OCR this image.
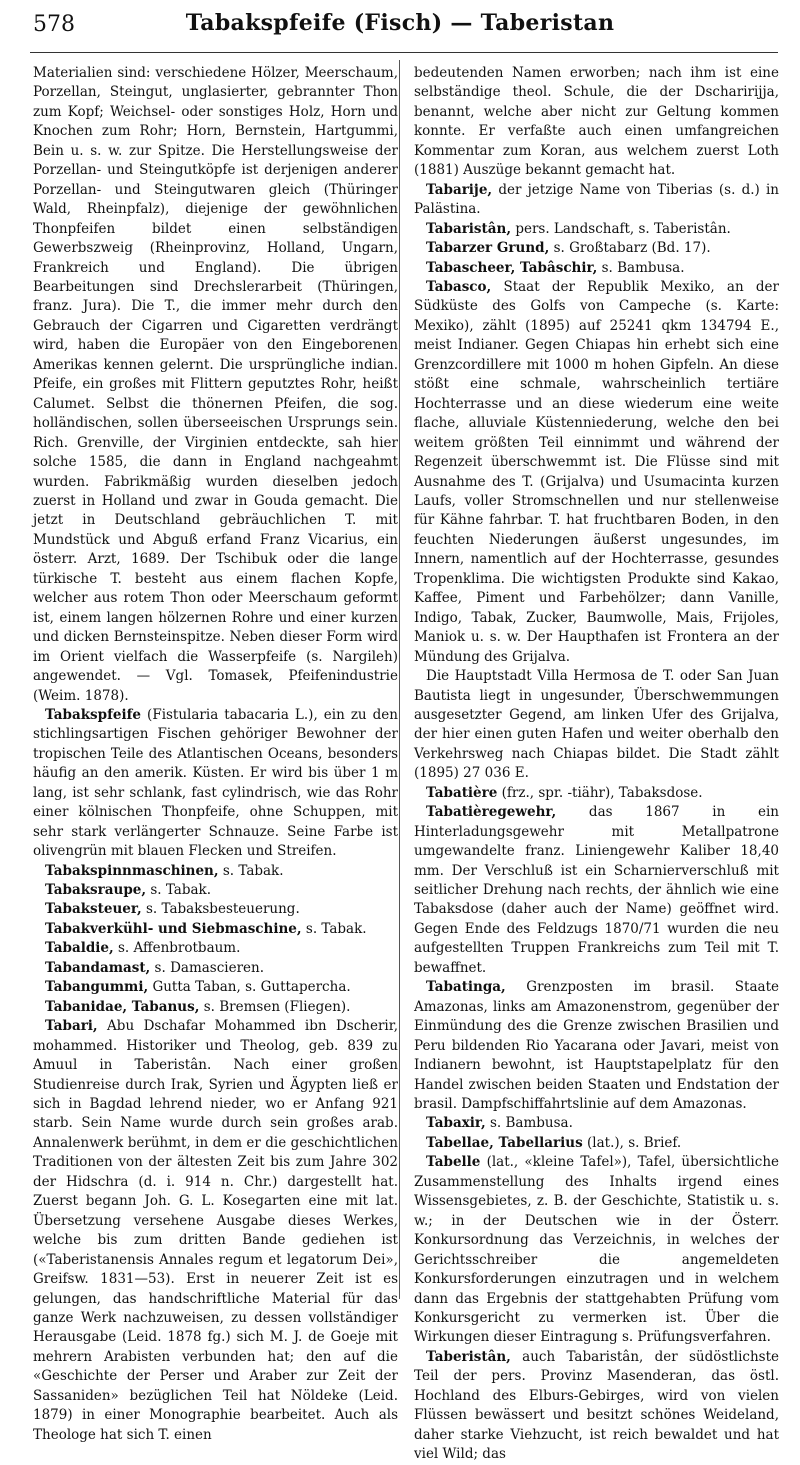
578	Tabakspfeife (Fisch) — Taberistan

Materialien sind: verschiedene Hölzer, Meerschaum, Porzellan, Steingut, unglasierter, gebrannter Thon zum Kopf; Weichsel- oder sonstiges Holz, Horn und Knochen zum Rohr; Horn, Bernstein, Hartgummi, Bein u. s. w. zur Spitze. Die Herstellungsweise der Porzellan- und Steingutköpfe ist derjenigen anderer Porzellan- und Steingutwaren gleich (Thüringer Wald, Rheinpfalz), diejenige der gewöhnlichen Thonpfeifen bildet einen selbständigen Gewerbszweig (Rheinprovinz, Holland, Ungarn, Frankreich und England). Die übrigen Bearbeitungen sind Drechslerarbeit (Thüringen, franz. Jura). Die T., die immer mehr durch den Gebrauch der Cigarren und Cigaretten verdrängt wird, haben die Europäer von den Eingeborenen Amerikas kennen gelernt. Die ursprüngliche indian. Pfeife, ein großes mit Flittern geputztes Rohr, heißt Calumet. Selbst die thönernen Pfeifen, die sog. holländischen, sollen überseeischen Ursprungs sein. Rich. Grenville, der Virginien entdeckte, sah hier solche 1585, die dann in England nachgeahmt wurden. Fabrikmäßig wurden dieselben jedoch zuerst in Holland und zwar in Gouda gemacht. Die jetzt in Deutschland gebräuchlichen T. mit Mundstück und Abguß erfand Franz Vicarius, ein österr. Arzt, 1689. Der Tschibuk oder die lange türkische T. besteht aus einem flachen Kopfe, welcher aus rotem Thon oder Meerschaum geformt ist, einem langen hölzernen Rohre und einer kurzen und dicken Bernsteinspitze. Neben dieser Form wird im Orient vielfach die Wasserpfeife (s. Nargileh) angewendet. — Vgl. Tomasek, Pfeifenindustrie (Weim. 1878).

Tabakspfeife (Fistularia tabacaria L.), ein zu den stichlingsartigen Fischen gehöriger Bewohner der tropischen Teile des Atlantischen Oceans, besonders häufig an den amerik. Küsten. Er wird bis über 1 m lang, ist sehr schlank, fast cylindrisch, wie das Rohr einer kölnischen Thonpfeife, ohne Schuppen, mit sehr stark verlängerter Schnauze. Seine Farbe ist olivengrün mit blauen Flecken und Streifen.

Tabakspinnmaschinen, s. Tabak.

Tabaksraupe, s. Tabak.

Tabaksteuer, s. Tabaksbesteuerung.

Tabakverkühl- und Siebmaschine, s. Tabak.

Tabaldie, s. Affenbrotbaum.

Tabandamast, s. Damascieren.

Tabangummi, Gutta Taban, s. Guttapercha.

Tabanidae, Tabanus, s. Bremsen (Fliegen).

Tabari, Abu Dschafar Mohammed ibn Dscherir, mohammed. Historiker und Theolog, geb. 839 zu Amuul in Taberistân. Nach einer großen Studienreise durch Irak, Syrien und Ägypten ließ er sich in Bagdad lehrend nieder, wo er Anfang 921 starb. Sein Name wurde durch sein großes arab. Annalenwerk berühmt, in dem er die geschichtlichen Traditionen von der ältesten Zeit bis zum Jahre 302 der Hidschra (d. i. 914 n. Chr.) dargestellt hat. Zuerst begann Joh. G. L. Kosegarten eine mit lat. Übersetzung versehene Ausgabe dieses Werkes, welche bis zum dritten Bande gediehen ist («Taberistanensis Annales regum et legatorum Dei», Greifsw. 1831—53). Erst in neuerer Zeit ist es gelungen, das handschriftliche Material für das ganze Werk nachzuweisen, zu dessen vollständiger Herausgabe (Leid. 1878 fg.) sich M. J. de Goeje mit mehrern Arabisten verbunden hat; den auf die «Geschichte der Perser und Araber zur Zeit der Sassaniden» bezüglichen Teil hat Nöldeke (Leid. 1879) in einer Monographie bearbeitet. Auch als Theologe hat sich T. einen

bedeutenden Namen erworben; nach ihm ist eine selbständige theol. Schule, die der Dscharirijja, benannt, welche aber nicht zur Geltung kommen konnte. Er verfaßte auch einen umfangreichen Kommentar zum Koran, aus welchem zuerst Loth (1881) Auszüge bekannt gemacht hat.

Tabarije, der jetzige Name von Tiberias (s. d.) in Palästina.

Tabaristân, pers. Landschaft, s. Taberistân.

Tabarzer Grund, s. Großtabarz (Bd. 17).

Tabascheer, Tabâschir, s. Bambusa.

Tabasco, Staat der Republik Mexiko, an der Südküste des Golfs von Campeche (s. Karte: Mexiko), zählt (1895) auf 25241 qkm 134794 E., meist Indianer. Gegen Chiapas hin erhebt sich eine Grenzcordillere mit 1000 m hohen Gipfeln. An diese stößt eine schmale, wahrscheinlich tertiäre Hochterrasse und an diese wiederum eine weite flache, alluviale Küstenniederung, welche den bei weitem größten Teil einnimmt und während der Regenzeit überschwemmt ist. Die Flüsse sind mit Ausnahme des T. (Grijalva) und Usumacinta kurzen Laufs, voller Stromschnellen und nur stellenweise für Kähne fahrbar. T. hat fruchtbaren Boden, in den feuchten Niederungen äußerst ungesundes, im Innern, namentlich auf der Hochterrasse, gesundes Tropenklima. Die wichtigsten Produkte sind Kakao, Kaffee, Piment und Farbehölzer; dann Vanille, Indigo, Tabak, Zucker, Baumwolle, Mais, Frijoles, Maniok u. s. w. Der Haupthafen ist Frontera an der Mündung des Grijalva.

Die Hauptstadt Villa Hermosa de T. oder San Juan Bautista liegt in ungesunder, Überschwemmungen ausgesetzter Gegend, am linken Ufer des Grijalva, der hier einen guten Hafen und weiter oberhalb den Verkehrsweg nach Chiapas bildet. Die Stadt zählt (1895) 27 036 E.

Tabatière (frz., spr. -tiähr), Tabaksdose.

Tabatièregewehr, das 1867 in ein Hinterladungsgewehr mit Metallpatrone umgewandelte franz. Liniengewehr Kaliber 18,40 mm. Der Verschluß ist ein Scharnierverschluß mit seitlicher Drehung nach rechts, der ähnlich wie eine Tabaksdose (daher auch der Name) geöffnet wird. Gegen Ende des Feldzugs 1870/71 wurden die neu aufgestellten Truppen Frankreichs zum Teil mit T. bewaffnet.

Tabatinga, Grenzposten im brasil. Staate Amazonas, links am Amazonenstrom, gegenüber der Einmündung des die Grenze zwischen Brasilien und Peru bildenden Rio Yacarana oder Javari, meist von Indianern bewohnt, ist Hauptstapelplatz für den Handel zwischen beiden Staaten und Endstation der brasil. Dampfschiffahrtslinie auf dem Amazonas.

Tabaxir, s. Bambusa.

Tabellae, Tabellarius (lat.), s. Brief.

Tabelle (lat., «kleine Tafel»), Tafel, übersichtliche Zusammenstellung des Inhalts irgend eines Wissensgebietes, z. B. der Geschichte, Statistik u. s. w.; in der Deutschen wie in der Österr. Konkursordnung das Verzeichnis, in welches der Gerichtsschreiber die angemeldeten Konkursforderungen einzutragen und in welchem dann das Ergebnis der stattgehabten Prüfung vom Konkursgericht zu vermerken ist. Über die Wirkungen dieser Eintragung s. Prüfungsverfahren.

Taberistân, auch Tabaristân, der südöstlichste Teil der pers. Provinz Masenderan, das östl. Hochland des Elburs-Gebirges, wird von vielen Flüssen bewässert und besitzt schönes Weideland, daher starke Viehzucht, ist reich bewaldet und hat viel Wild; das
